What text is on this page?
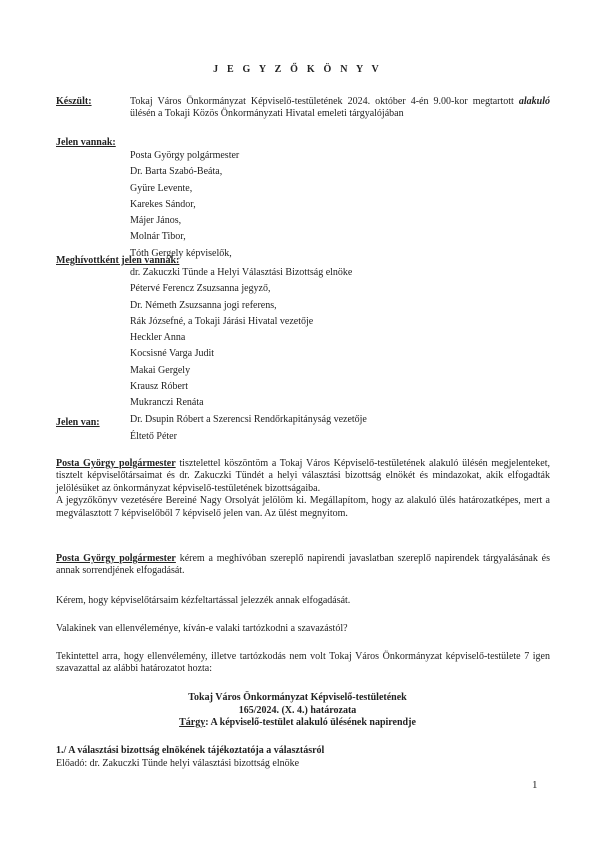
J E G Y Z Ő K Ö N Y V
Készült:	Tokaj Város Önkormányzat Képviselő-testületének 2024. október 4-én 9.00-kor megtartott alakuló ülésén a Tokaji Közös Önkormányzati Hivatal emeleti tárgyalójában
Jelen vannak:
Posta György polgármester
Dr. Barta Szabó-Beáta,
Gyüre Levente,
Karekes Sándor,
Májer János,
Molnár Tibor,
Tóth Gergely képviselők,
Meghívottként jelen vannak:
dr. Zakuczki Tünde a Helyi Választási Bizottság elnöke
Pétervé Ferencz Zsuzsanna jegyző,
Dr. Németh Zsuzsanna jogi referens,
Rák Józsefné, a Tokaji Járási Hivatal vezetője
Heckler Anna
Kocsisné Varga Judit
Makai Gergely
Krausz Róbert
Mukranczi Renáta
Dr. Dsupin Róbert a Szerencsi Rendőrkapitányság vezetője
Jelen van:
Éltető Péter

Posta György polgármester tisztelettel köszöntöm a Tokaj Város Képviselő-testületének alakuló ülésén megjelenteket, tisztelt képviselőtársaimat és dr. Zakuczki Tündét a helyi választási bizottság elnökét és mindazokat, akik elfogadták jelölésüket az önkormányzat képviselő-testületének bizottságaiba.

A jegyzőkönyv vezetésére Bereiné Nagy Orsolyát jelölöm ki. Megállapítom, hogy az alakuló ülés határozatképes, mert a megválasztott 7 képviselőből 7 képviselő jelen van. Az ülést megnyitom.

Posta György polgármester kérem a meghívóban szereplő napirendi javaslatban szereplő napirendek tárgyalásának és annak sorrendjének elfogadását.

Kérem, hogy képviselőtársaim kézfeltartással jelezzék annak elfogadását.
Valakinek van ellenvéleménye, kíván-e valaki tartózkodni a szavazástól?
Tekintettel arra, hogy ellenvélemény, illetve tartózkodás nem volt Tokaj Város Önkormányzat képviselő-testülete 7 igen szavazattal az alábbi határozatot hozta:
Tokaj Város Önkormányzat Képviselő-testületének
165/2024. (X. 4.) határozata
Tárgy: A képviselő-testület alakuló ülésének napirendje
1./ A választási bizottság elnökének tájékoztatója a választásról
Előadó: dr. Zakuczki Tünde helyi választási bizottság elnöke
1
